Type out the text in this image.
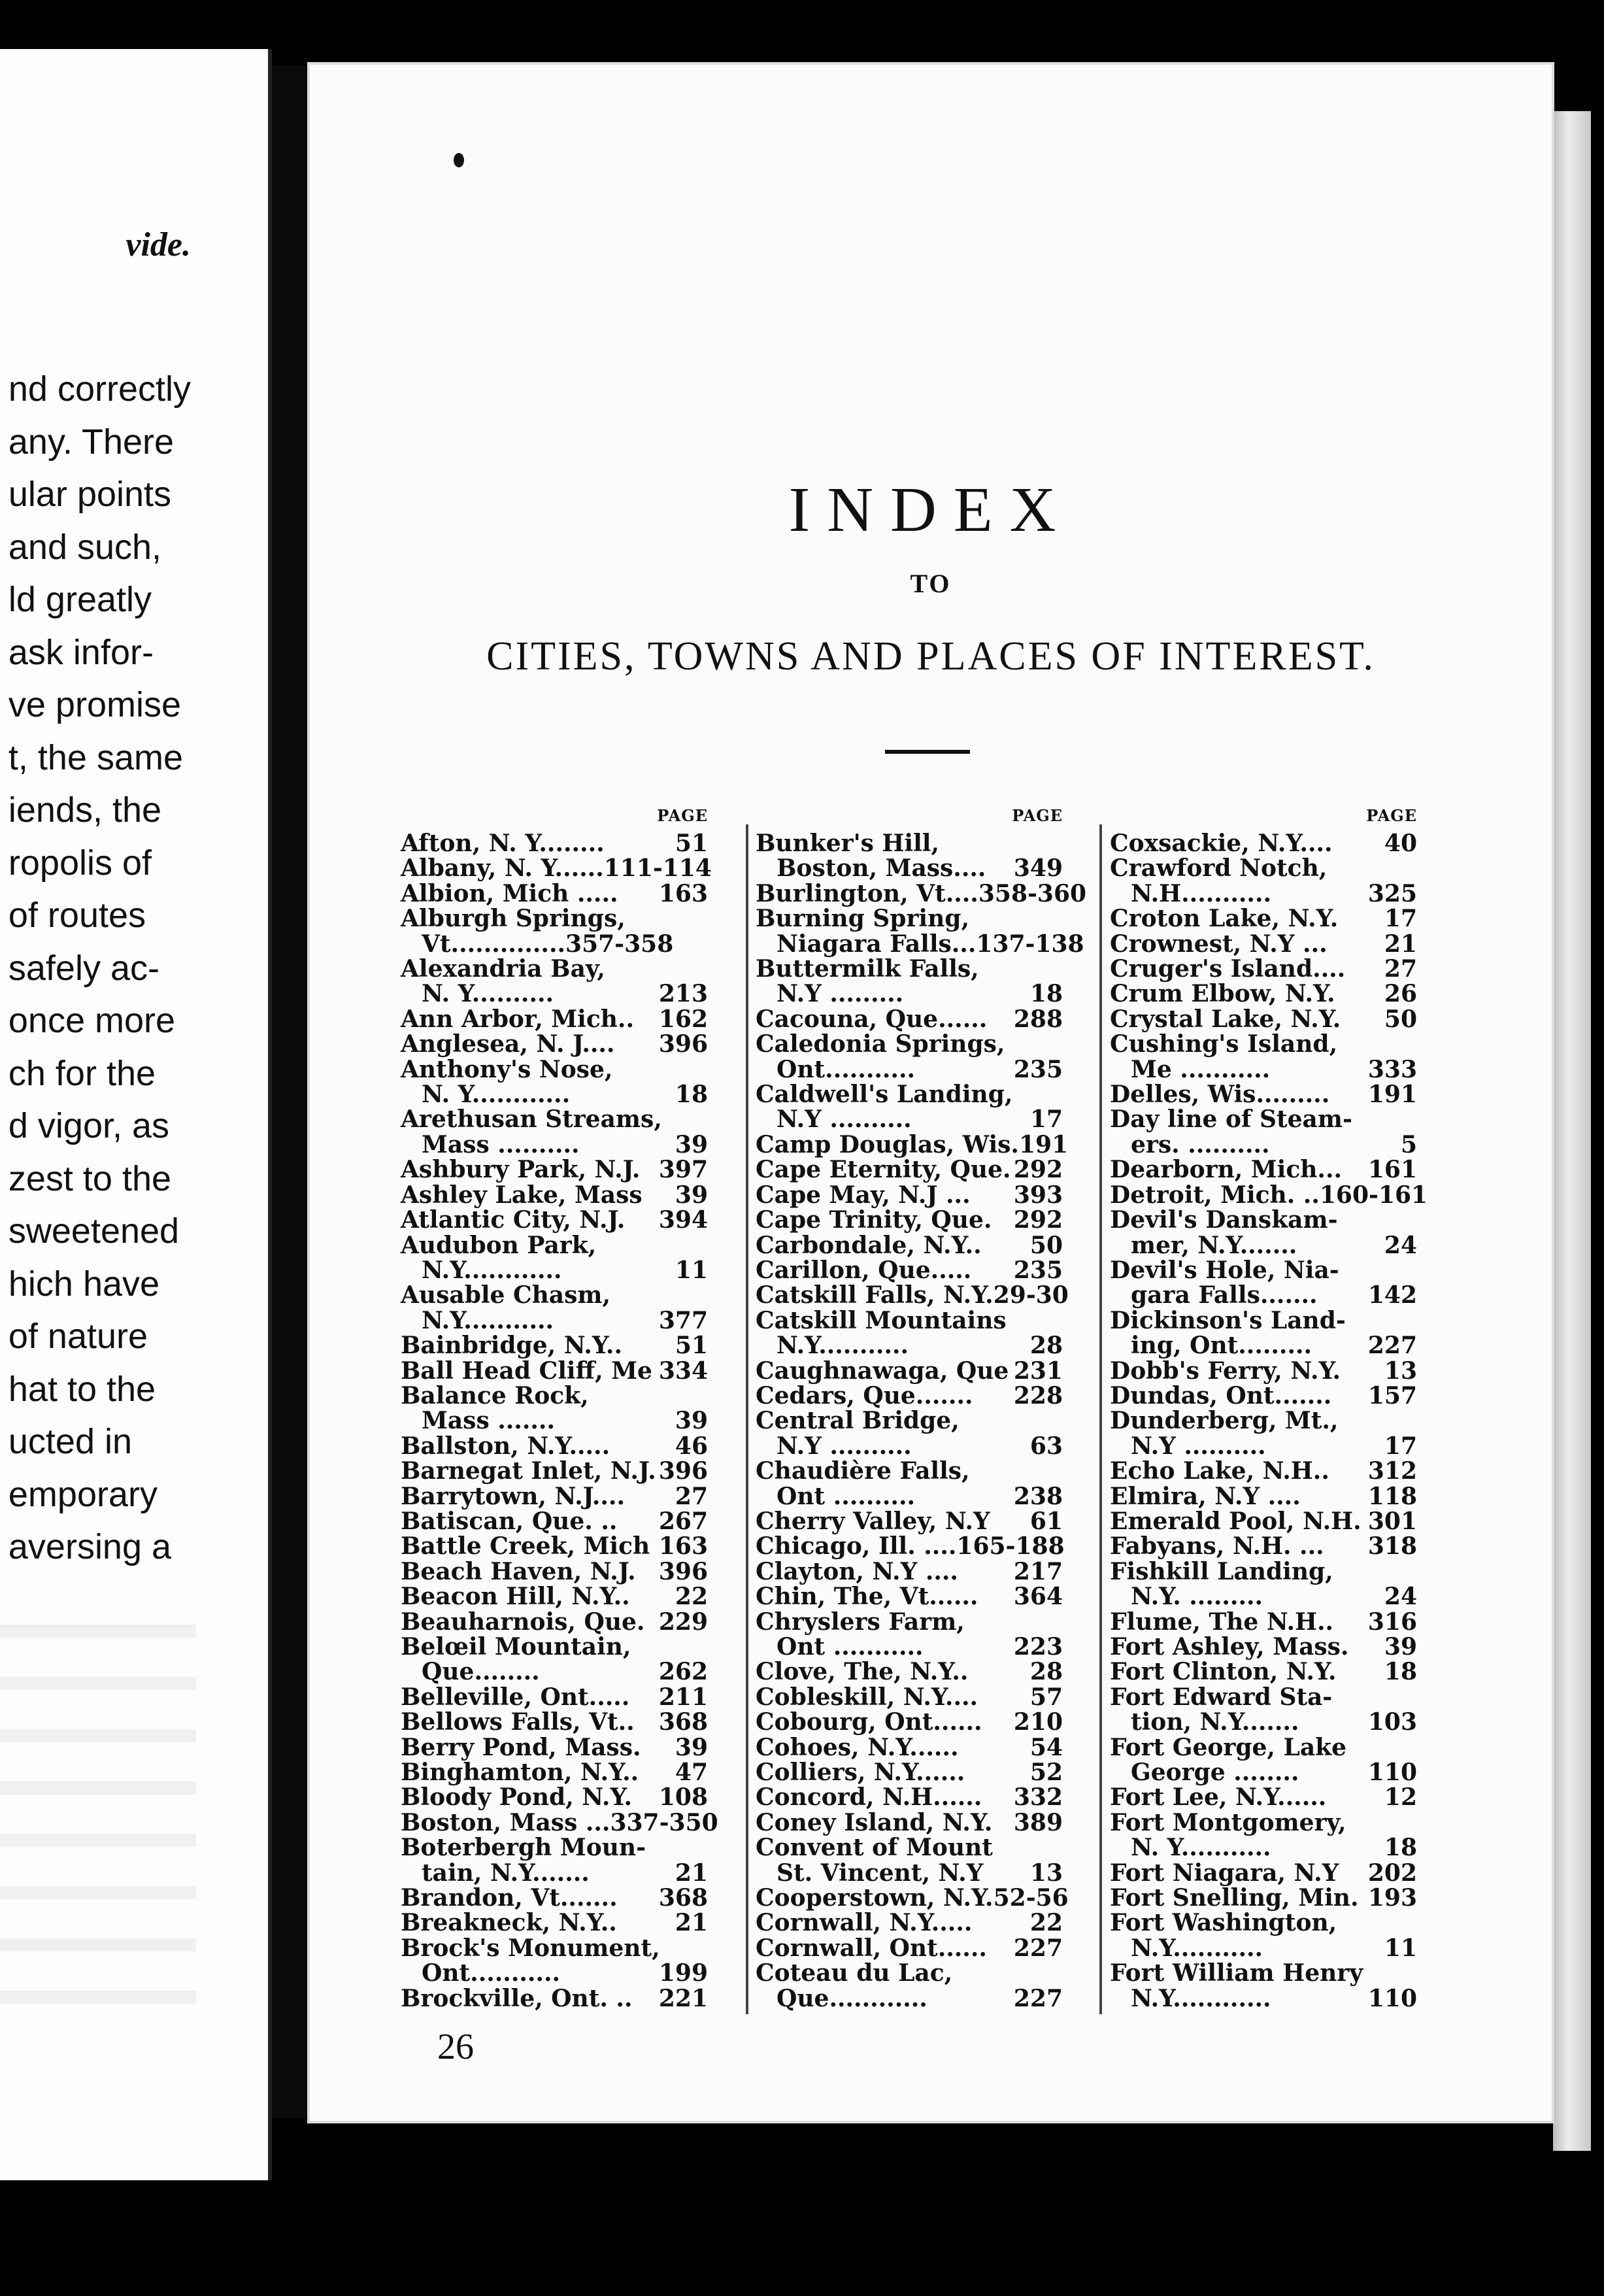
vide.
nd correctly
any. There
ular points
and such,
ld greatly
ask infor-
ve promise
t, the same
iends, the
ropolis of
of routes
safely ac-
once more
ch for the
d vigor, as
zest to the
sweetened
hich have
of nature
hat to the
ucted in
emporary
aversing a
INDEX
TO
CITIES, TOWNS AND PLACES OF INTEREST.
PAGE
Afton, N. Y........	51
Albany, N. Y......111-114
Albion, Mich ..... 163
Alburgh Springs,
Vt..............357-358
Alexandria Bay,
N. Y..........	213
Ann Arbor, Mich.. 162
Anglesea, N. J.... 396
Anthony's Nose,
N. Y............	18
Arethusan Streams,
Mass ..........	39
Ashbury Park, N.J. 397
Ashley Lake, Mass 39
Atlantic City, N.J. 394
Audubon Park,
N.Y............	11
Ausable Chasm,
N.Y...........	377
Bainbridge, N.Y.. 51
Ball Head Cliff, Me 334
Balance Rock,
Mass .......	39
Ballston, N.Y.....	46
Barnegat Inlet, N.J. 396
Barrytown, N.J.... 27
Batiscan, Que. .. 267
Battle Creek, Mich 163
Beach Haven, N.J. 396
Beacon Hill, N.Y.. 22
Beauharnois, Que. 229
Belœil Mountain,
Que........	262
Belleville, Ont..... 211
Bellows Falls, Vt.. 368
Berry Pond, Mass. 39
Binghamton, N.Y.. 47
Bloody Pond, N.Y. 108
Boston, Mass ... 337-350
Boterbergh Moun-
tain, N.Y.......	21
Brandon, Vt....... 368
Breakneck, N.Y.. 21
Brock's Monument,
Ont...........	199
Brockville, Ont. .. 221
PAGE
Bunker's Hill,
Boston, Mass.... 349
Burlington, Vt....358-360
Burning Spring,
Niagara Falls...137-138
Buttermilk Falls,
N.Y .........	18
Cacouna, Que...... 288
Caledonia Springs,
Ont...........	235
Caldwell's Landing,
N.Y ..........	17
Camp Douglas, Wis. 191
Cape Eternity, Que. 292
Cape May, N.J ... 393
Cape Trinity, Que. 292
Carbondale, N.Y.. 50
Carillon, Que..... 235
Catskill Falls, N.Y. 29-30
Catskill Mountains
N.Y...........	28
Caughnawaga, Que 231
Cedars, Que....... 228
Central Bridge,
N.Y ..........	63
Chaudière Falls,
Ont ..........	238
Cherry Valley, N.Y 61
Chicago, Ill. ....165-188
Clayton, N.Y .... 217
Chin, The, Vt...... 364
Chryslers Farm,
Ont ...........	223
Clove, The, N.Y..	28
Cobleskill, N.Y.... 57
Cobourg, Ont...... 210
Cohoes, N.Y......	54
Colliers, N.Y......	52
Concord, N.H...... 332
Coney Island, N.Y. 389
Convent of Mount
St. Vincent, N.Y 13
Cooperstown, N.Y. 52-56
Cornwall, N.Y..... 22
Cornwall, Ont...... 227
Coteau du Lac,
Que............	227
PAGE
Coxsackie, N.Y.... 40
Crawford Notch,
N.H...........	325
Croton Lake, N.Y. 17
Crownest, N.Y ... 21
Cruger's Island.... 27
Crum Elbow, N.Y. 26
Crystal Lake, N.Y. 50
Cushing's Island,
Me ...........	333
Delles, Wis......... 191
Day line of Steam-
ers. ..........	5
Dearborn, Mich... 161
Detroit, Mich. ..160-161
Devil's Danskam-
mer, N.Y.......	24
Devil's Hole, Nia-
gara Falls....... 142
Dickinson's Land-
ing, Ont......... 227
Dobb's Ferry, N.Y. 13
Dundas, Ont....... 157
Dunderberg, Mt.,
N.Y ..........	17
Echo Lake, N.H.. 312
Elmira, N.Y ....	118
Emerald Pool, N.H. 301
Fabyans, N.H. ... 318
Fishkill Landing,
N.Y. .........	24
Flume, The N.H.. 316
Fort Ashley, Mass. 39
Fort Clinton, N.Y. 18
Fort Edward Sta-
tion, N.Y.......	103
Fort George, Lake
George ........	110
Fort Lee, N.Y...... 12
Fort Montgomery,
N. Y...........	18
Fort Niagara, N.Y 202
Fort Snelling, Min. 193
Fort Washington,
N.Y...........	11
Fort William Henry
N.Y............	110
26
